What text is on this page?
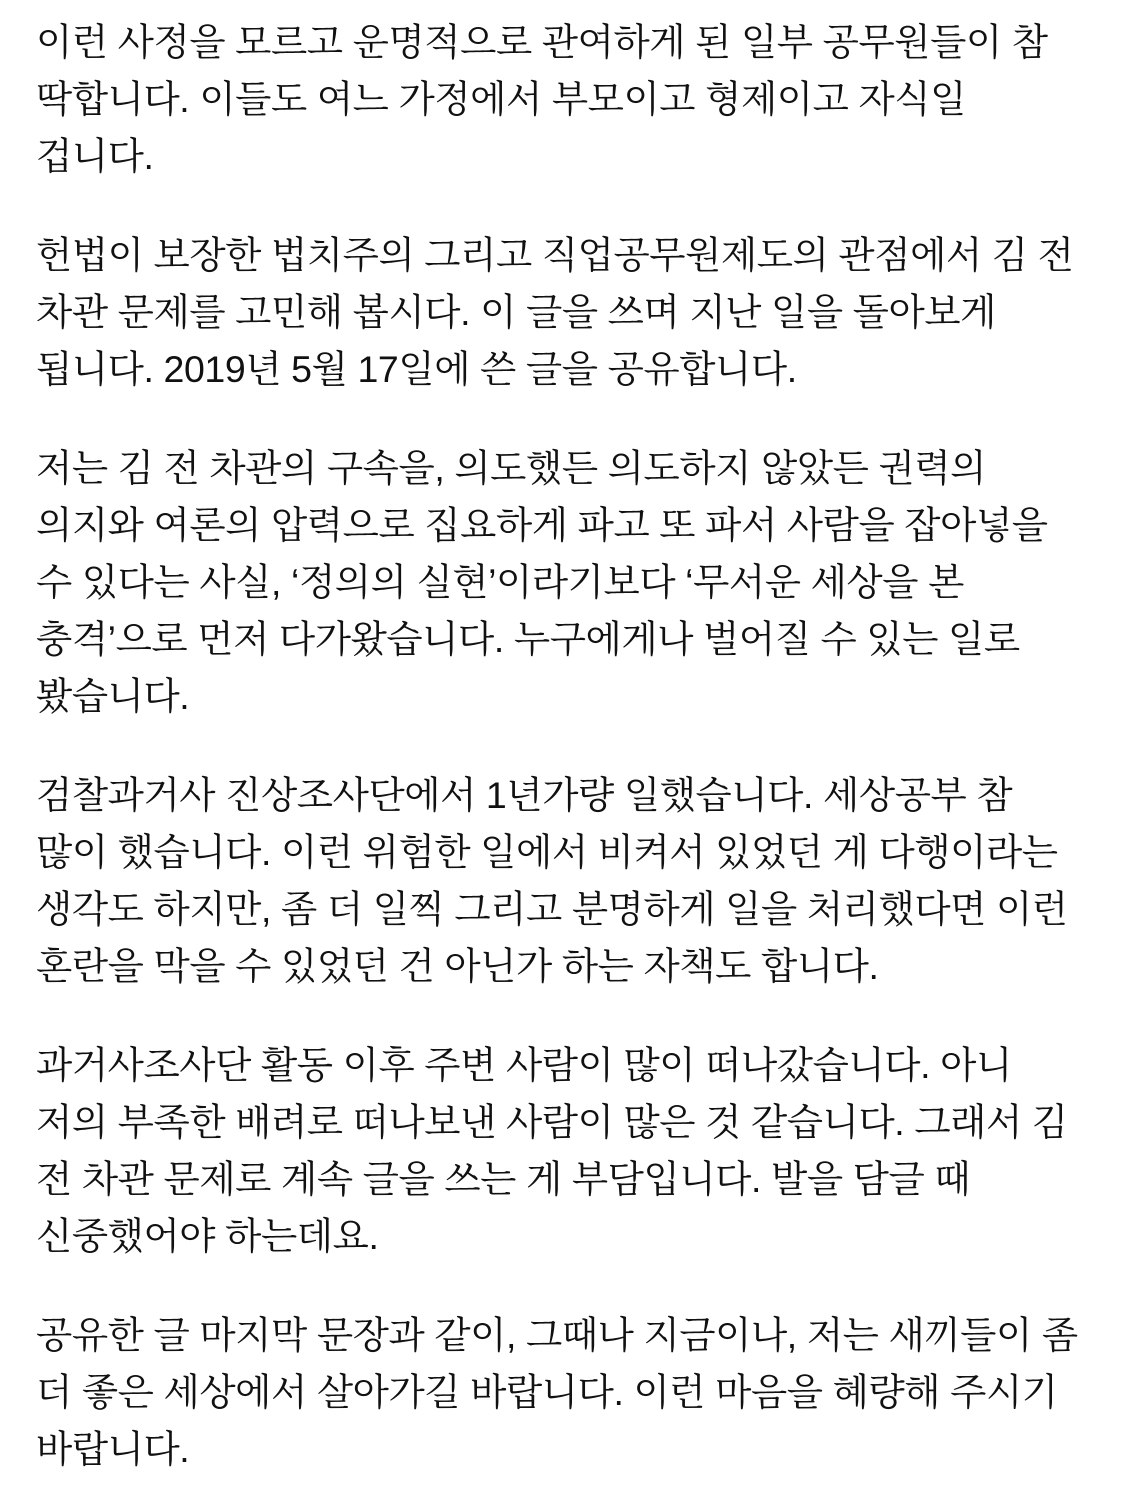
이런 사정을 모르고 운명적으로 관여하게 된 일부 공무원들이 참 딱합니다. 이들도 여느 가정에서 부모이고 형제이고 자식일 겁니다.

헌법이 보장한 법치주의 그리고 직업공무원제도의 관점에서 김 전 차관 문제를 고민해 봅시다. 이 글을 쓰며 지난 일을 돌아보게 됩니다. 2019년 5월 17일에 쓴 글을 공유합니다.

저는 김 전 차관의 구속을, 의도했든 의도하지 않았든 권력의 의지와 여론의 압력으로 집요하게 파고 또 파서 사람을 잡아넣을 수 있다는 사실, ‘정의의 실현’이라기보다 ‘무서운 세상을 본 충격’으로 먼저 다가왔습니다. 누구에게나 벌어질 수 있는 일로 봤습니다.

검찰과거사 진상조사단에서 1년가량 일했습니다. 세상공부 참 많이 했습니다. 이런 위험한 일에서 비켜서 있었던 게 다행이라는 생각도 하지만, 좀 더 일찍 그리고 분명하게 일을 처리했다면 이런 혼란을 막을 수 있었던 건 아닌가 하는 자책도 합니다.

과거사조사단 활동 이후 주변 사람이 많이 떠나갔습니다. 아니 저의 부족한 배려로 떠나보낸 사람이 많은 것 같습니다. 그래서 김 전 차관 문제로 계속 글을 쓰는 게 부담입니다. 발을 담글 때 신중했어야 하는데요.

공유한 글 마지막 문장과 같이, 그때나 지금이나, 저는 새끼들이 좀 더 좋은 세상에서 살아가길 바랍니다. 이런 마음을 혜량해 주시기 바랍니다.
